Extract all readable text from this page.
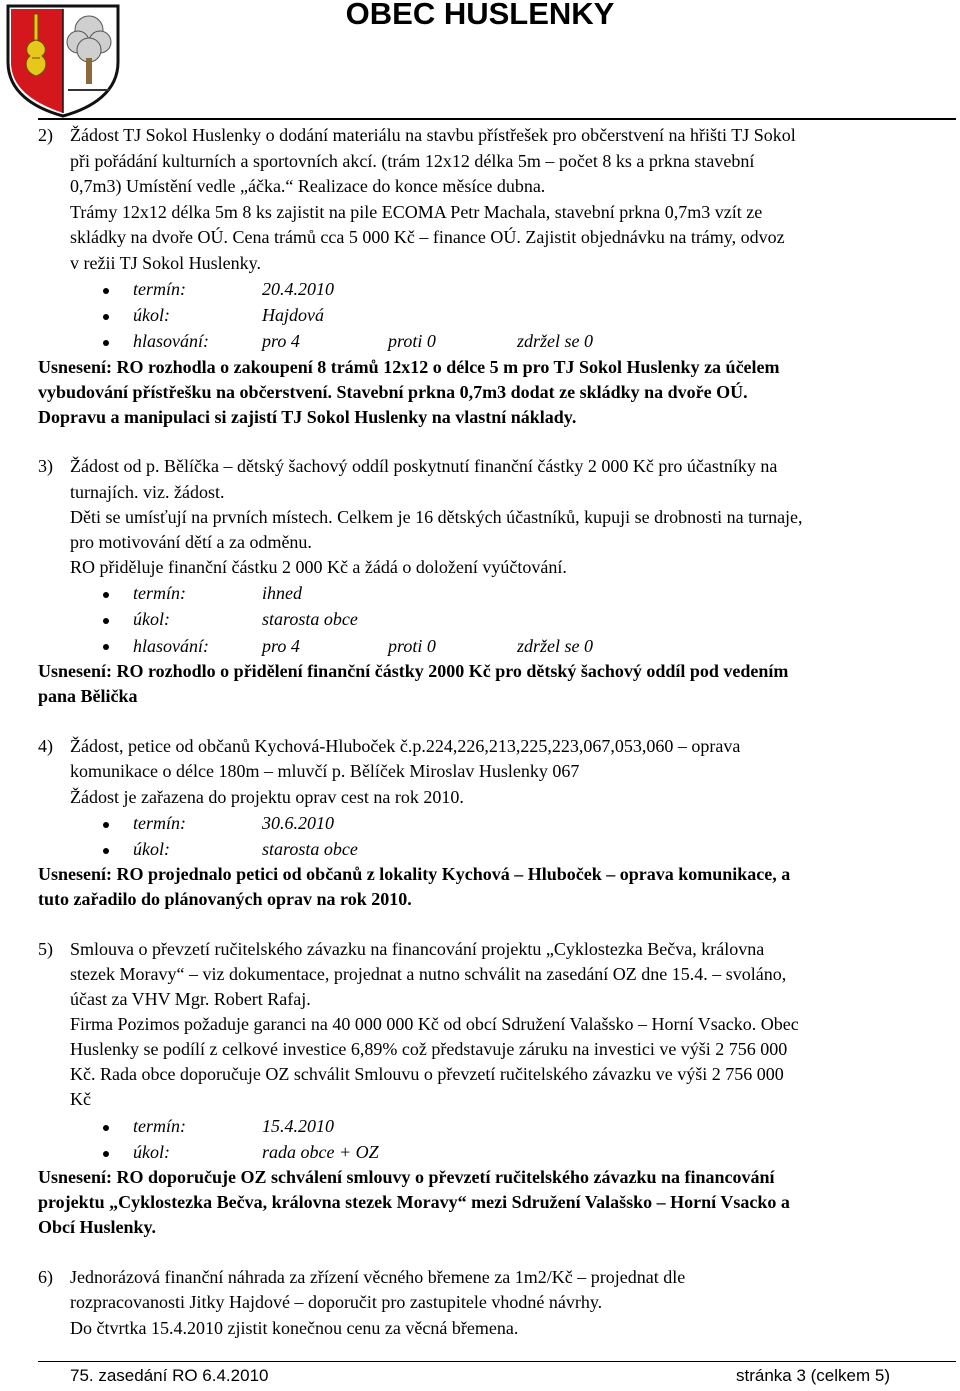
OBEC HUSLENKY
2) Žádost TJ Sokol Huslenky o dodání materiálu na stavbu přístřešek pro občerstvení na hřišti TJ Sokol
při pořádání kulturních a sportovních akcí. (trám 12x12 délka 5m – počet 8 ks a prkna stavební
0,7m3) Umístění vedle „áčka.“ Realizace do konce měsíce dubna.
Trámy 12x12 délka 5m 8 ks zajistit na pile ECOMA Petr Machala, stavební prkna 0,7m3 vzít ze
skládky na dvoře OÚ. Cena trámů cca 5 000 Kč – finance OÚ. Zajistit objednávku na trámy, odvoz
v režii TJ Sokol Huslenky.
termín:	20.4.2010
úkol:	Hajdová
hlasování:	pro 4	proti 0	zdržel se 0
Usnesení: RO rozhodla o zakoupení 8 trámů 12x12 o délce 5 m pro TJ Sokol Huslenky za účelem
vybudování přístřešku na občerstvení. Stavební prkna 0,7m3 dodat ze skládky na dvoře OÚ.
Dopravu a manipulaci si zajistí TJ Sokol Huslenky na vlastní náklady.
3) Žádost od p. Bělíčka – dětský šachový oddíl poskytnutí finanční částky 2 000 Kč pro účastníky na
turnajích. viz. žádost.
Děti se umísťují na prvních místech. Celkem je 16 dětských účastníků, kupuji se drobnosti na turnaje,
pro motivování dětí a za odměnu.
RO přiděluje finanční částku 2 000 Kč a žádá o doložení vyúčtování.
termín:	ihned
úkol:	starosta obce
hlasování:	pro 4	proti 0	zdržel se 0
Usnesení: RO rozhodlo o přidělení finanční částky 2000 Kč pro dětský šachový oddíl pod vedením
pana Běličkа
4) Žádost, petice od občanů Kychová-Hluboček č.p.224,226,213,225,223,067,053,060 – oprava
komunikace o délce 180m – mluvčí p. Bělíček Miroslav Huslenky 067
Žádost je zařazena do projektu oprav cest na rok 2010.
termín:	30.6.2010
úkol:	starosta obce
Usnesení: RO projednalo petici od občanů z lokality Kychová – Hluboček – oprava komunikace, a
tuto zařadilo do plánovaných oprav na rok 2010.
5) Smlouva o převzetí ručitelského závazku na financování projektu „Cyklostezka Bečva, královna
stezek Moravy“ – viz dokumentace, projednat a nutno schválit na zasedání OZ dne 15.4. – svoláno,
účast za VHV Mgr. Robert Rafaj.
Firma Pozimos požaduje garanci na 40 000 000 Kč od obcí Sdružení Valašsko – Horní Vsacko. Obec
Huslenky se podílí z celkové investice 6,89% což představuje záruku na investici ve výši 2 756 000
Kč. Rada obce doporučuje OZ schválit Smlouvu o převzetí ručitelského závazku ve výši 2 756 000
Kč
termín:	15.4.2010
úkol:	rada obce + OZ
Usnesení: RO doporučuje OZ schválení smlouvy o převzetí ručitelského závazku na financování
projektu „Cyklostezka Bečva, královna stezek Moravy“ mezi Sdružení Valašsko – Horní Vsacko a
Obcí Huslenky.
6) Jednorázová finanční náhrada za zřízení věcného břemene za 1m2/Kč – projednat dle
rozpracovanosti Jitky Hajdové – doporučit pro zastupitele vhodné návrhy.
Do čtvrtka 15.4.2010 zjistit konečnou cenu za věcná břemena.
75. zasedání RO 6.4.2010	stránka 3 (celkem 5)
